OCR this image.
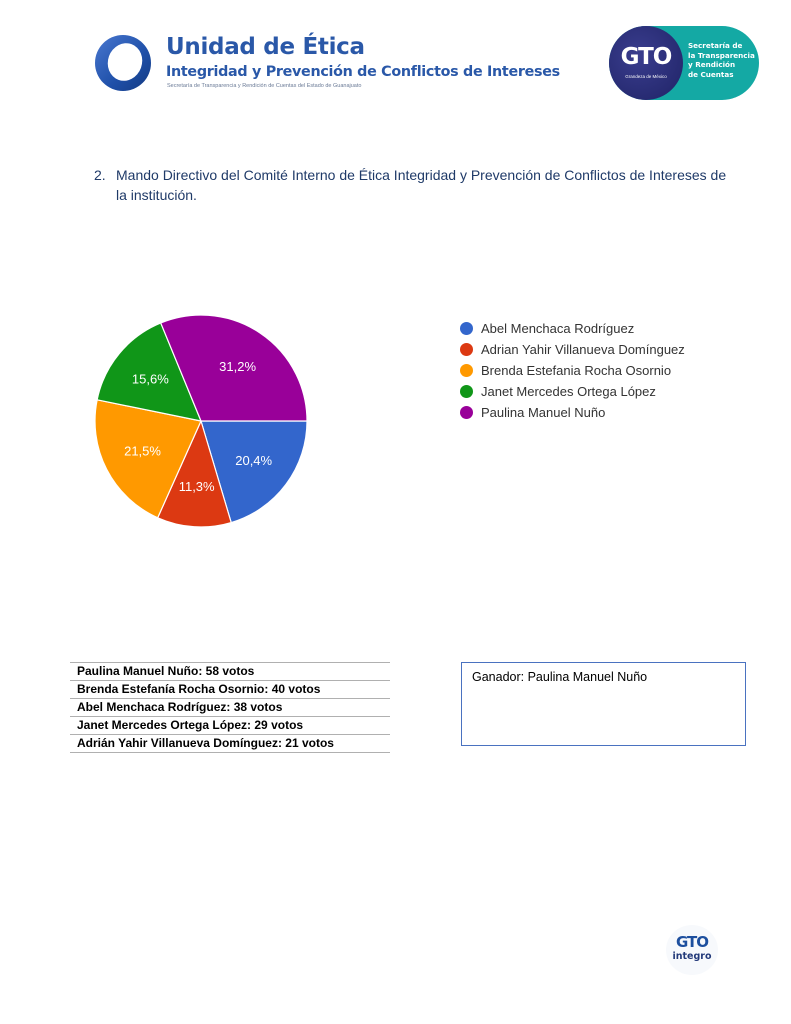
Unidad de Ética
Integridad y Prevención de Conflictos de Intereses
Secretaría de Transparencia y Rendición de Cuentas del Estado de Guanajuato
GTO
Grandeza de México
Secretaría de
la Transparencia
y Rendición
de Cuentas
2. Mando Directivo del Comité Interno de Ética Integridad y Prevención de Conflictos de Intereses de la institución.
20,4%
11,3%
21,5%
15,6%
31,2%
Abel Menchaca Rodríguez
Adrian Yahir Villanueva Domínguez
Brenda Estefania Rocha Osornio
Janet Mercedes Ortega López
Paulina Manuel Nuño
Paulina Manuel Nuño: 58 votos
Brenda Estefanía Rocha Osornio: 40 votos
Abel Menchaca Rodríguez: 38 votos
Janet Mercedes Ortega López: 29 votos
Adrián Yahir Villanueva Domínguez: 21 votos
Ganador: Paulina Manuel Nuño
GTO
integro
